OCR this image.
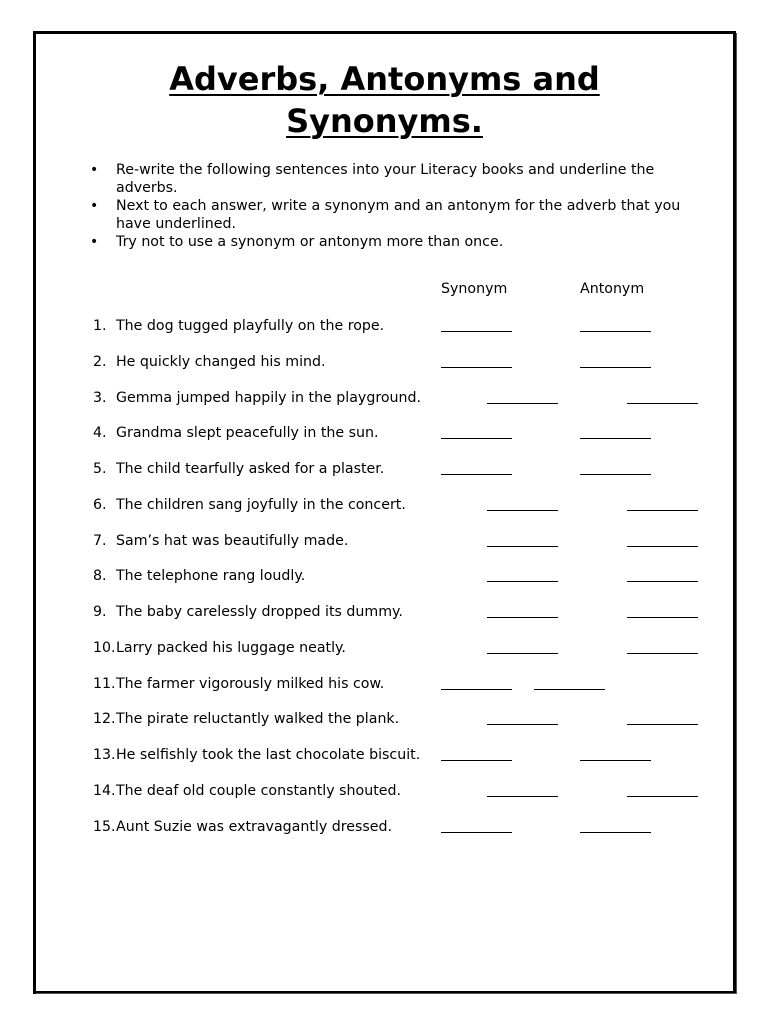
Adverbs, Antonyms and
Synonyms.
• Re-write the following sentences into your Literacy books and underline the adverbs.
• Next to each answer, write a synonym and an antonym for the adverb that you have underlined.
• Try not to use a synonym or antonym more than once.
Synonym	Antonym
1. The dog tugged playfully on the rope.
2. He quickly changed his mind.
3. Gemma jumped happily in the playground.
4. Grandma slept peacefully in the sun.
5. The child tearfully asked for a plaster.
6. The children sang joyfully in the concert.
7. Sam’s hat was beautifully made.
8. The telephone rang loudly.
9. The baby carelessly dropped its dummy.
10.Larry packed his luggage neatly.
11.The farmer vigorously milked his cow.
12.The pirate reluctantly walked the plank.
13.He selfishly took the last chocolate biscuit.
14.The deaf old couple constantly shouted.
15.Aunt Suzie was extravagantly dressed.
